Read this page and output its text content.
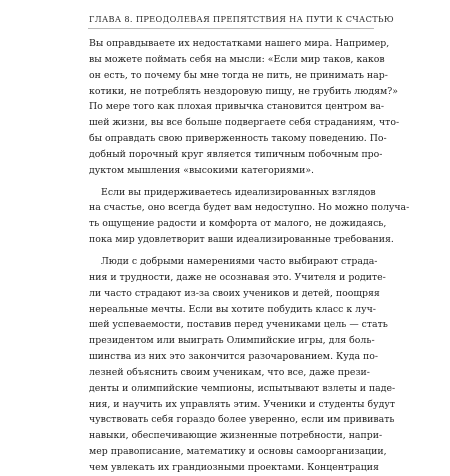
ГЛАВА 8. ПРЕОДОЛЕВАЯ ПРЕПЯТСТВИЯ НА ПУТИ К СЧАСТЬЮ
Вы оправдываете их недостатками нашего мира. Например,
вы можете поймать себя на мысли: «Если мир таков, каков
он есть, то почему бы мне тогда не пить, не принимать нар-
котики, не потреблять нездоровую пищу, не грубить людям?»
По мере того как плохая привычка становится центром ва-
шей жизни, вы все больше подвергаете себя страданиям, что-
бы оправдать свою приверженность такому поведению. По-
добный порочный круг является типичным побочным про-
дуктом мышления «высокими категориями».
Если вы придерживаетесь идеализированных взглядов
на счастье, оно всегда будет вам недоступно. Но можно получа-
ть ощущение радости и комфорта от малого, не дожидаясь,
пока мир удовлетворит ваши идеализированные требования.
Люди с добрыми намерениями часто выбирают страда-
ния и трудности, даже не осознавая это. Учителя и родите-
ли часто страдают из-за своих учеников и детей, поощряя
нереальные мечты. Если вы хотите побудить класс к луч-
шей успеваемости, поставив перед учениками цель — стать
президентом или выиграть Олимпийские игры, для боль-
шинства из них это закончится разочарованием. Куда по-
лезней объяснить своим ученикам, что все, даже прези-
денты и олимпийские чемпионы, испытывают взлеты и паде-
ния, и научить их управлять этим. Ученики и студенты будут
чувствовать себя гораздо более уверенно, если им прививать
навыки, обеспечивающие жизненные потребности, напри-
мер правописание, математику и основы самоорганизации,
чем увлекать их грандиозными проектами. Концентрация
